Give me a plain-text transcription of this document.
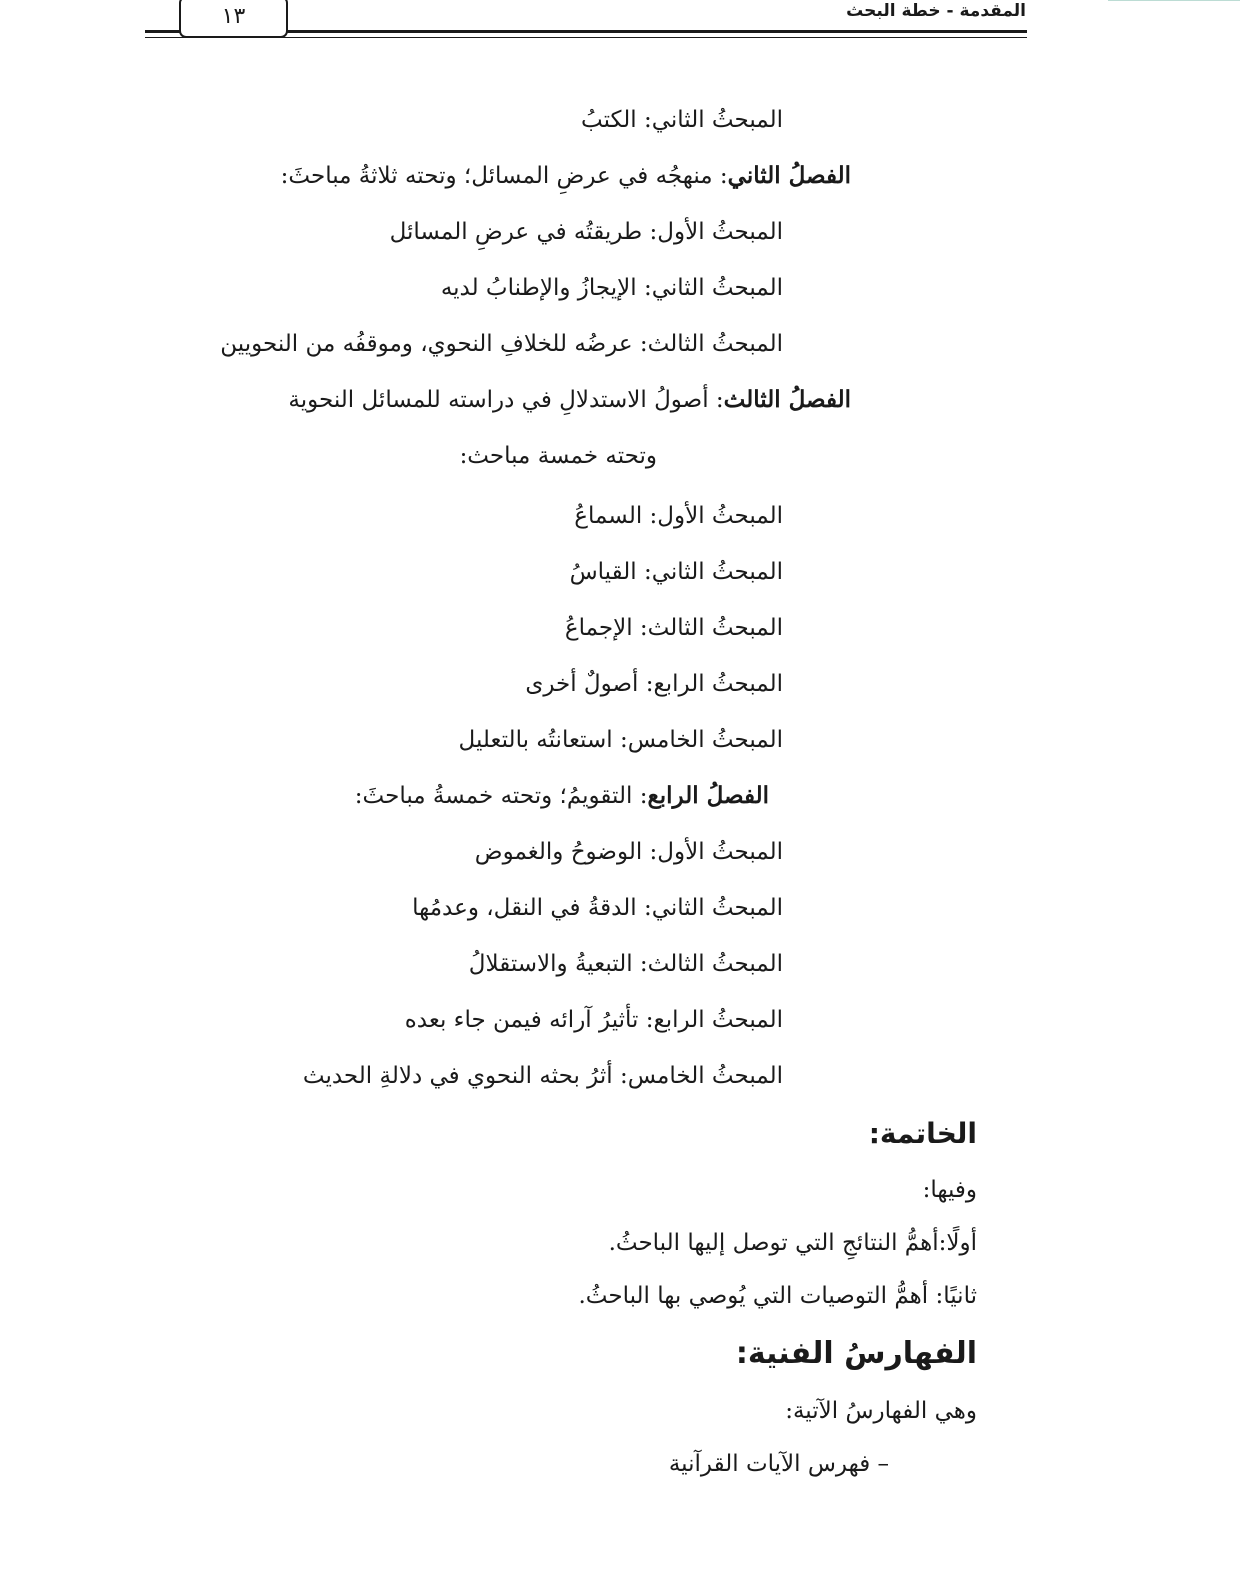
المقدمة - خطة البحث
١٣
المبحثُ الثاني: الكتبُ
الفصلُ الثاني: منهجُه في عرضِ المسائل؛ وتحته ثلاثةُ مباحثَ:
المبحثُ الأول: طريقتُه في عرضِ المسائل
المبحثُ الثاني: الإيجازُ والإطنابُ لديه
المبحثُ الثالث: عرضُه للخلافِ النحوي، وموقفُه من النحويين
الفصلُ الثالث: أصولُ الاستدلالِ في دراسته للمسائل النحوية
وتحته خمسة مباحث:
المبحثُ الأول: السماعُ
المبحثُ الثاني: القياسُ
المبحثُ الثالث: الإجماعُ
المبحثُ الرابع: أصولٌ أخرى
المبحثُ الخامس: استعانتُه بالتعليل
الفصلُ الرابع: التقويمُ؛ وتحته خمسةُ مباحثَ:
المبحثُ الأول: الوضوحُ والغموض
المبحثُ الثاني: الدقةُ في النقل، وعدمُها
المبحثُ الثالث: التبعيةُ والاستقلالُ
المبحثُ الرابع: تأثيرُ آرائه فيمن جاء بعده
المبحثُ الخامس: أثرُ بحثه النحوي في دلالةِ الحديث
الخاتمة:
وفيها:
أولًا:أهمُّ النتائجِ التي توصل إليها الباحثُ.
ثانيًا: أهمُّ التوصيات التي يُوصي بها الباحثُ.
الفهارسُ الفنية:
وهي الفهارسُ الآتية:
– فهرس الآيات القرآنية
